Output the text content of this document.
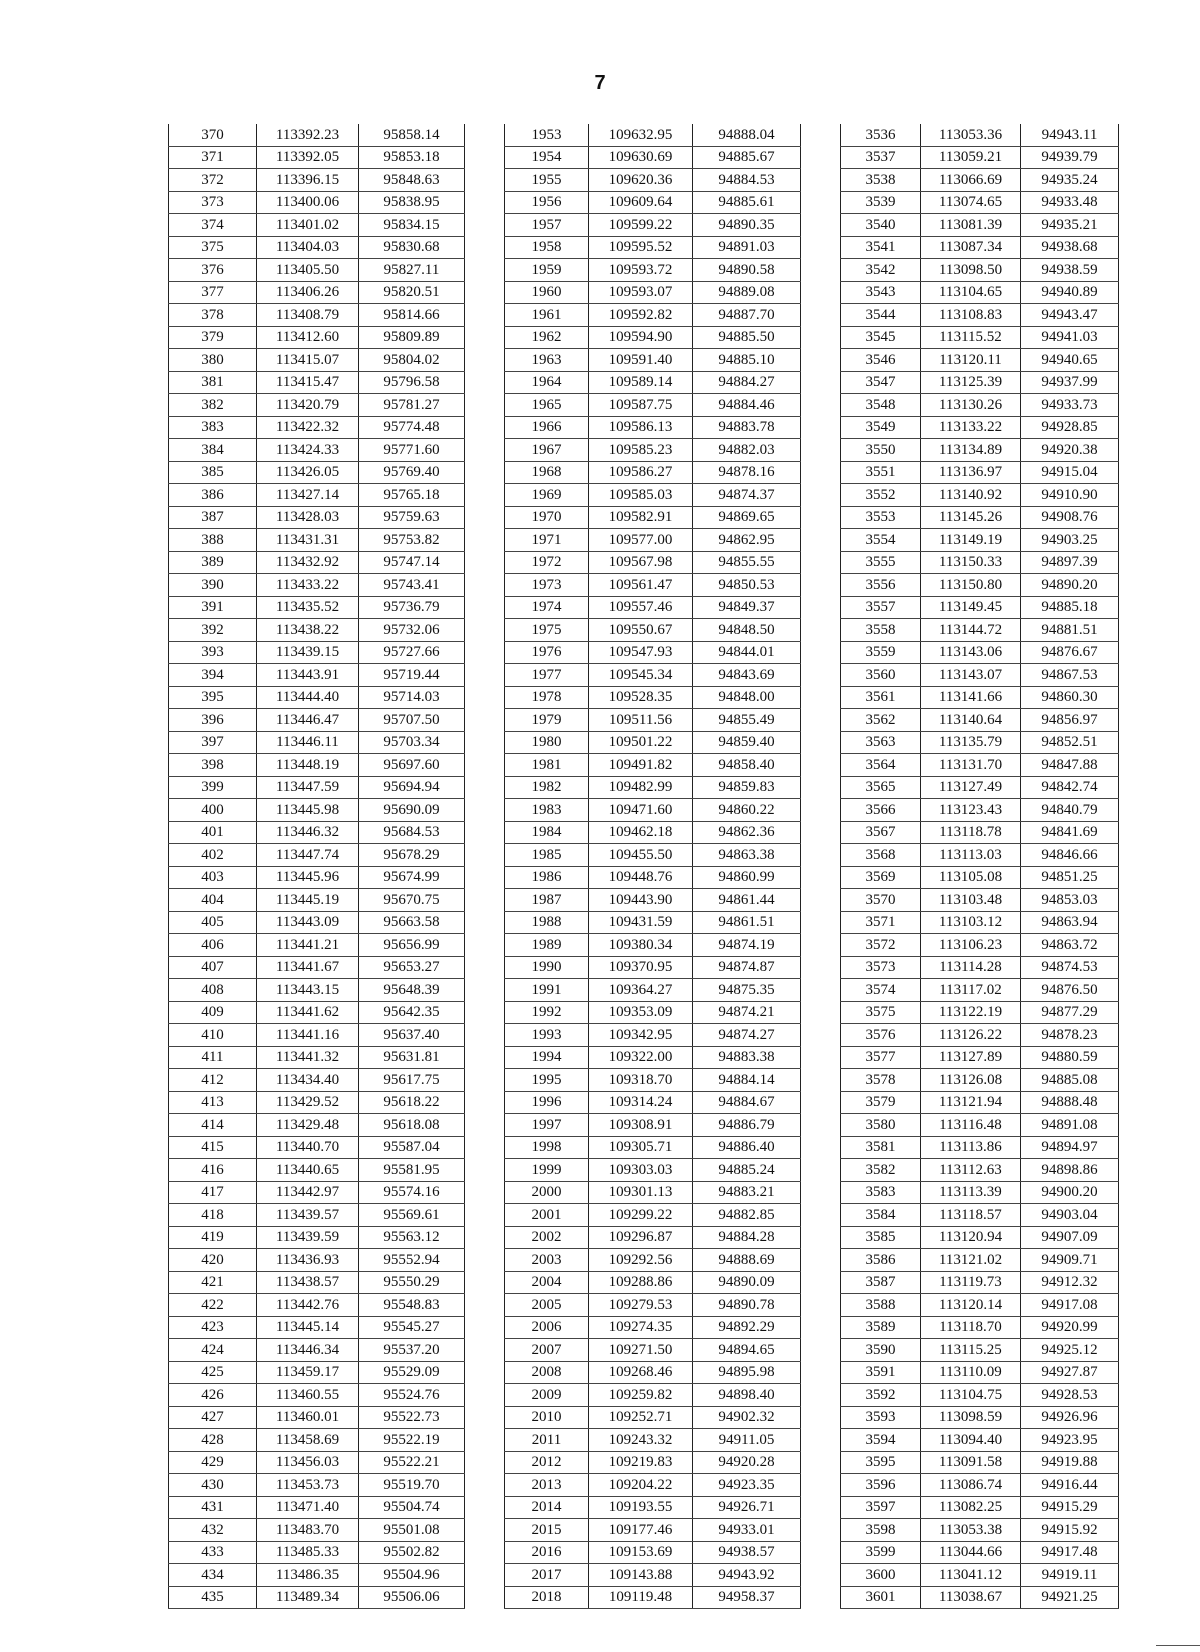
7
370	113392.23	95858.14
371	113392.05	95853.18
372	113396.15	95848.63
373	113400.06	95838.95
374	113401.02	95834.15
375	113404.03	95830.68
376	113405.50	95827.11
377	113406.26	95820.51
378	113408.79	95814.66
379	113412.60	95809.89
380	113415.07	95804.02
381	113415.47	95796.58
382	113420.79	95781.27
383	113422.32	95774.48
384	113424.33	95771.60
385	113426.05	95769.40
386	113427.14	95765.18
387	113428.03	95759.63
388	113431.31	95753.82
389	113432.92	95747.14
390	113433.22	95743.41
391	113435.52	95736.79
392	113438.22	95732.06
393	113439.15	95727.66
394	113443.91	95719.44
395	113444.40	95714.03
396	113446.47	95707.50
397	113446.11	95703.34
398	113448.19	95697.60
399	113447.59	95694.94
400	113445.98	95690.09
401	113446.32	95684.53
402	113447.74	95678.29
403	113445.96	95674.99
404	113445.19	95670.75
405	113443.09	95663.58
406	113441.21	95656.99
407	113441.67	95653.27
408	113443.15	95648.39
409	113441.62	95642.35
410	113441.16	95637.40
411	113441.32	95631.81
412	113434.40	95617.75
413	113429.52	95618.22
414	113429.48	95618.08
415	113440.70	95587.04
416	113440.65	95581.95
417	113442.97	95574.16
418	113439.57	95569.61
419	113439.59	95563.12
420	113436.93	95552.94
421	113438.57	95550.29
422	113442.76	95548.83
423	113445.14	95545.27
424	113446.34	95537.20
425	113459.17	95529.09
426	113460.55	95524.76
427	113460.01	95522.73
428	113458.69	95522.19
429	113456.03	95522.21
430	113453.73	95519.70
431	113471.40	95504.74
432	113483.70	95501.08
433	113485.33	95502.82
434	113486.35	95504.96
435	113489.34	95506.06
1953	109632.95	94888.04
1954	109630.69	94885.67
1955	109620.36	94884.53
1956	109609.64	94885.61
1957	109599.22	94890.35
1958	109595.52	94891.03
1959	109593.72	94890.58
1960	109593.07	94889.08
1961	109592.82	94887.70
1962	109594.90	94885.50
1963	109591.40	94885.10
1964	109589.14	94884.27
1965	109587.75	94884.46
1966	109586.13	94883.78
1967	109585.23	94882.03
1968	109586.27	94878.16
1969	109585.03	94874.37
1970	109582.91	94869.65
1971	109577.00	94862.95
1972	109567.98	94855.55
1973	109561.47	94850.53
1974	109557.46	94849.37
1975	109550.67	94848.50
1976	109547.93	94844.01
1977	109545.34	94843.69
1978	109528.35	94848.00
1979	109511.56	94855.49
1980	109501.22	94859.40
1981	109491.82	94858.40
1982	109482.99	94859.83
1983	109471.60	94860.22
1984	109462.18	94862.36
1985	109455.50	94863.38
1986	109448.76	94860.99
1987	109443.90	94861.44
1988	109431.59	94861.51
1989	109380.34	94874.19
1990	109370.95	94874.87
1991	109364.27	94875.35
1992	109353.09	94874.21
1993	109342.95	94874.27
1994	109322.00	94883.38
1995	109318.70	94884.14
1996	109314.24	94884.67
1997	109308.91	94886.79
1998	109305.71	94886.40
1999	109303.03	94885.24
2000	109301.13	94883.21
2001	109299.22	94882.85
2002	109296.87	94884.28
2003	109292.56	94888.69
2004	109288.86	94890.09
2005	109279.53	94890.78
2006	109274.35	94892.29
2007	109271.50	94894.65
2008	109268.46	94895.98
2009	109259.82	94898.40
2010	109252.71	94902.32
2011	109243.32	94911.05
2012	109219.83	94920.28
2013	109204.22	94923.35
2014	109193.55	94926.71
2015	109177.46	94933.01
2016	109153.69	94938.57
2017	109143.88	94943.92
2018	109119.48	94958.37
3536	113053.36	94943.11
3537	113059.21	94939.79
3538	113066.69	94935.24
3539	113074.65	94933.48
3540	113081.39	94935.21
3541	113087.34	94938.68
3542	113098.50	94938.59
3543	113104.65	94940.89
3544	113108.83	94943.47
3545	113115.52	94941.03
3546	113120.11	94940.65
3547	113125.39	94937.99
3548	113130.26	94933.73
3549	113133.22	94928.85
3550	113134.89	94920.38
3551	113136.97	94915.04
3552	113140.92	94910.90
3553	113145.26	94908.76
3554	113149.19	94903.25
3555	113150.33	94897.39
3556	113150.80	94890.20
3557	113149.45	94885.18
3558	113144.72	94881.51
3559	113143.06	94876.67
3560	113143.07	94867.53
3561	113141.66	94860.30
3562	113140.64	94856.97
3563	113135.79	94852.51
3564	113131.70	94847.88
3565	113127.49	94842.74
3566	113123.43	94840.79
3567	113118.78	94841.69
3568	113113.03	94846.66
3569	113105.08	94851.25
3570	113103.48	94853.03
3571	113103.12	94863.94
3572	113106.23	94863.72
3573	113114.28	94874.53
3574	113117.02	94876.50
3575	113122.19	94877.29
3576	113126.22	94878.23
3577	113127.89	94880.59
3578	113126.08	94885.08
3579	113121.94	94888.48
3580	113116.48	94891.08
3581	113113.86	94894.97
3582	113112.63	94898.86
3583	113113.39	94900.20
3584	113118.57	94903.04
3585	113120.94	94907.09
3586	113121.02	94909.71
3587	113119.73	94912.32
3588	113120.14	94917.08
3589	113118.70	94920.99
3590	113115.25	94925.12
3591	113110.09	94927.87
3592	113104.75	94928.53
3593	113098.59	94926.96
3594	113094.40	94923.95
3595	113091.58	94919.88
3596	113086.74	94916.44
3597	113082.25	94915.29
3598	113053.38	94915.92
3599	113044.66	94917.48
3600	113041.12	94919.11
3601	113038.67	94921.25
